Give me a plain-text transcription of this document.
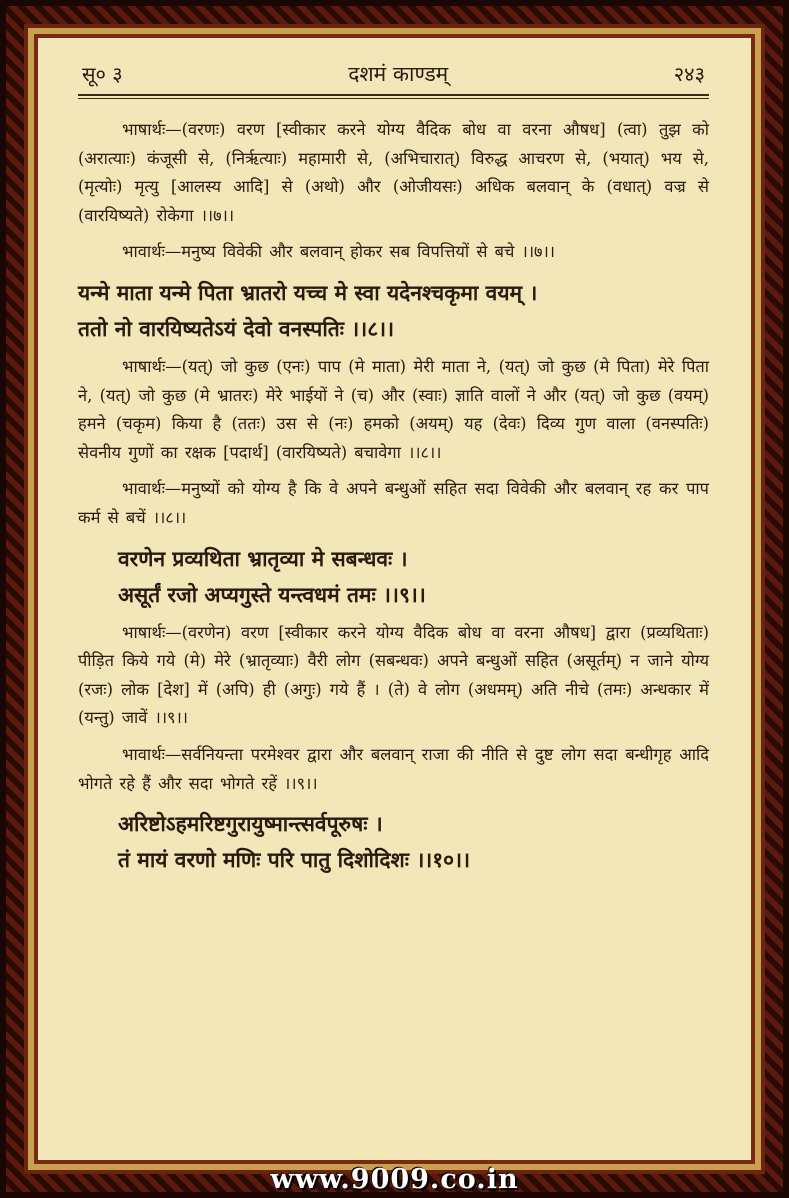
सू० ३	दशमं काण्डम्	२४३

भाषार्थः—(वरणः) वरण [स्वीकार करने योग्य वैदिक बोध वा वरना औषध] (त्वा) तुझ को (अरात्याः) कंजूसी से, (निर्ऋत्याः) महामारी से, (अभिचारात्) विरुद्ध आचरण से, (भयात्) भय से, (मृत्योः) मृत्यु [आलस्य आदि] से (अथो) और (ओजीयसः) अधिक बलवान् के (वधात्) वज्र से (वारयिष्यते) रोकेगा ।।७।।

भावार्थः—मनुष्य विवेकी और बलवान् होकर सब विपत्तियों से बचे ।।७।।

यन्मे माता यन्मे पिता भ्रातरो यच्च मे स्वा यदेनश्चकृमा वयम् ।
ततो नो वारयिष्यतेऽयं देवो वनस्पतिः ।।८।।

भाषार्थः—(यत्) जो कुछ (एनः) पाप (मे माता) मेरी माता ने, (यत्) जो कुछ (मे पिता) मेरे पिता ने, (यत्) जो कुछ (मे भ्रातरः) मेरे भाईयों ने (च) और (स्वाः) ज्ञाति वालों ने और (यत्) जो कुछ (वयम्) हमने (चकृम) किया है (ततः) उस से (नः) हमको (अयम्) यह (देवः) दिव्य गुण वाला (वनस्पतिः) सेवनीय गुणों का रक्षक [पदार्थ] (वारयिष्यते) बचावेगा ।।८।।

भावार्थः—मनुष्यों को योग्य है कि वे अपने बन्धुओं सहित सदा विवेकी और बलवान् रह कर पाप कर्म से बचें ।।८।।

वरणेन प्रव्यथिता भ्रातृव्या मे सबन्धवः ।
असूर्तं रजो अप्यगुस्ते यन्त्वधमं तमः ।।९।।

भाषार्थः—(वरणेन) वरण [स्वीकार करने योग्य वैदिक बोध वा वरना औषध] द्वारा (प्रव्यथिताः) पीड़ित किये गये (मे) मेरे (भ्रातृव्याः) वैरी लोग (सबन्धवः) अपने बन्धुओं सहित (असूर्तम्) न जाने योग्य (रजः) लोक [देश] में (अपि) ही (अगुः) गये हैं । (ते) वे लोग (अधमम्) अति नीचे (तमः) अन्धकार में (यन्तु) जावें ।।९।।

भावार्थः—सर्वनियन्ता परमेश्वर द्वारा और बलवान् राजा की नीति से दुष्ट लोग सदा बन्धीगृह आदि भोगते रहे हैं और सदा भोगते रहें ।।९।।

अरिष्टोऽहमरिष्टगुरायुष्मान्त्सर्वपूरुषः ।
तं मायं वरणो मणिः परि पातु दिशोदिशः ।।१०।।
www.9009.co.in
